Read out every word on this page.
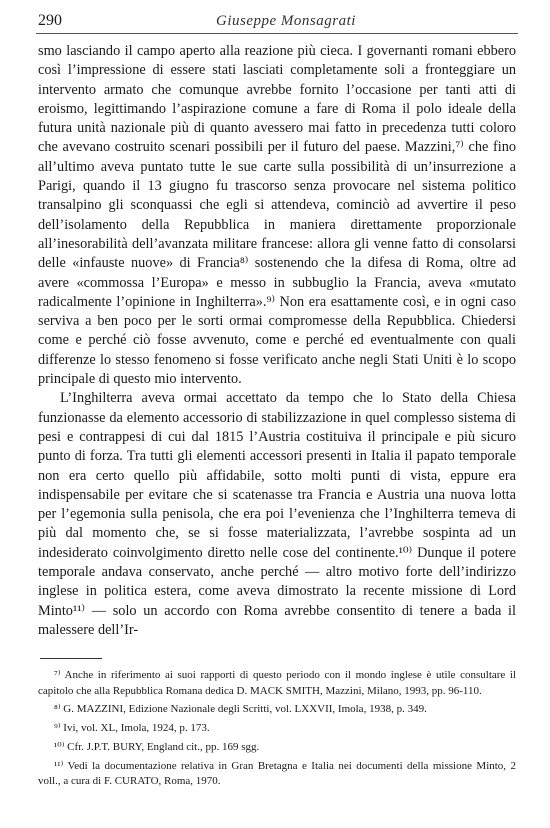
290	Giuseppe Monsagrati

smo lasciando il campo aperto alla reazione più cieca. I governanti romani ebbero così l’impressione di essere stati lasciati completamente soli a fronteggiare un intervento armato che comunque avrebbe fornito l’occasione per tanti atti di eroismo, legittimando l’aspirazione comune a fare di Roma il polo ideale della futura unità nazionale più di quanto avessero mai fatto in precedenza tutti coloro che avevano costruito scenari possibili per il futuro del paese. Mazzini,⁷⁾ che fino all’ultimo aveva puntato tutte le sue carte sulla possibilità di un’insurrezione a Parigi, quando il 13 giugno fu trascorso senza provocare nel sistema politico transalpino gli sconquassi che egli si attendeva, cominciò ad avvertire il peso dell’isolamento della Repubblica in maniera direttamente proporzionale all’inesorabilità dell’avanzata militare francese: allora gli venne fatto di consolarsi delle «infauste nuove» di Francia⁸⁾ sostenendo che la difesa di Roma, oltre ad avere «commossa l’Europa» e messo in subbuglio la Francia, aveva «mutato radicalmente l’opinione in Inghilterra».⁹⁾ Non era esattamente così, e in ogni caso serviva a ben poco per le sorti ormai compromesse della Repubblica. Chiedersi come e perché ciò fosse avvenuto, come e perché ed eventualmente con quali differenze lo stesso fenomeno si fosse verificato anche negli Stati Uniti è lo scopo principale di questo mio intervento.

L’Inghilterra aveva ormai accettato da tempo che lo Stato della Chiesa funzionasse da elemento accessorio di stabilizzazione in quel complesso sistema di pesi e contrappesi di cui dal 1815 l’Austria costituiva il principale e più sicuro punto di forza. Tra tutti gli elementi accessori presenti in Italia il papato temporale non era certo quello più affidabile, sotto molti punti di vista, eppure era indispensabile per evitare che si scatenasse tra Francia e Austria una nuova lotta per l’egemonia sulla penisola, che era poi l’evenienza che l’Inghilterra temeva di più dal momento che, se si fosse materializzata, l’avrebbe sospinta ad un indesiderato coinvolgimento diretto nelle cose del continente.¹⁰⁾ Dunque il potere temporale andava conservato, anche perché — altro motivo forte dell’indirizzo inglese in politica estera, come aveva dimostrato la recente missione di Lord Minto¹¹⁾ — solo un accordo con Roma avrebbe consentito di tenere a bada il malessere dell’Ir-

⁷⁾ Anche in riferimento ai suoi rapporti di questo periodo con il mondo inglese è utile consultare il capitolo che alla Repubblica Romana dedica D. MACK SMITH, Mazzini, Milano, 1993, pp. 96-110.

⁸⁾ G. MAZZINI, Edizione Nazionale degli Scritti, vol. LXXVII, Imola, 1938, p. 349.

⁹⁾ Ivi, vol. XL, Imola, 1924, p. 173.

¹⁰⁾ Cfr. J.P.T. BURY, England cit., pp. 169 sgg.

¹¹⁾ Vedi la documentazione relativa in Gran Bretagna e Italia nei documenti della missione Minto, 2 voll., a cura di F. CURATO, Roma, 1970.
